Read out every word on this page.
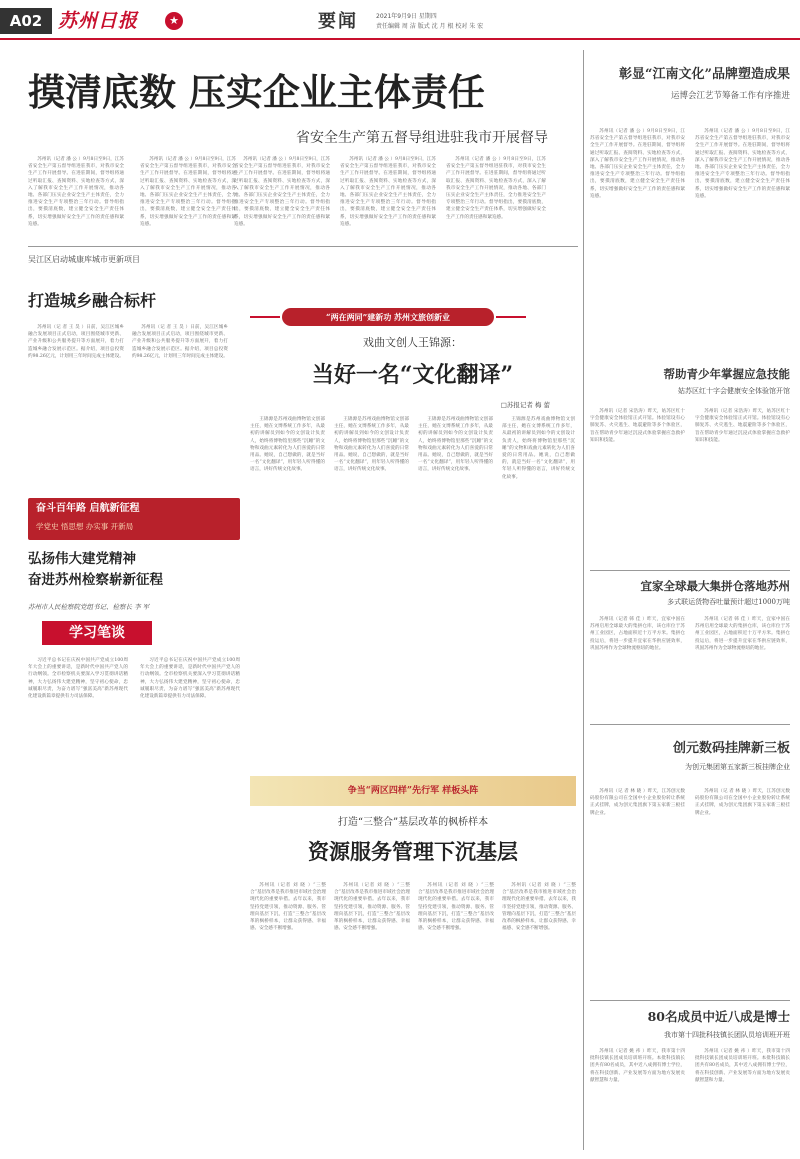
A02 苏州日报	★	要闻	2021年9月9日 星期四
责任编辑 周 洁 版式 沈 月 根 校对 朱 宏
摸清底数 压实企业主体责任
省安全生产第五督导组进驻我市开展督导
苏州讯（记者 潘 公 ）9月8日至9日，江苏省安全生产第五督导组进驻我市，对我市安全生产工作开展督导。在进驻期间，督导组将通过听取汇报、查阅资料、实地检查等方式，深入了解我市安全生产工作开展情况，推动各地、各部门压实企业安全生产主体责任，全力推进安全生产专项整治三年行动。督导组指出，要摸清底数，建立健全安全生产责任体系，切实增强做好安全生产工作的责任感和紧迫感。
苏州讯（记者 潘 公 ）9月8日至9日，江苏省安全生产第五督导组进驻我市，对我市安全生产工作开展督导。在进驻期间，督导组将通过听取汇报、查阅资料、实地检查等方式，深入了解我市安全生产工作开展情况，推动各地、各部门压实企业安全生产主体责任，全力推进安全生产专项整治三年行动。督导组指出，要摸清底数，建立健全安全生产责任体系，切实增强做好安全生产工作的责任感和紧迫感。
苏州讯（记者 潘 公 ）9月8日至9日，江苏省安全生产第五督导组进驻我市，对我市安全生产工作开展督导。在进驻期间，督导组将通过听取汇报、查阅资料、实地检查等方式，深入了解我市安全生产工作开展情况，推动各地、各部门压实企业安全生产主体责任，全力推进安全生产专项整治三年行动。督导组指出，要摸清底数，建立健全安全生产责任体系，切实增强做好安全生产工作的责任感和紧迫感。
苏州讯（记者 潘 公 ）9月8日至9日，江苏省安全生产第五督导组进驻我市，对我市安全生产工作开展督导。在进驻期间，督导组将通过听取汇报、查阅资料、实地检查等方式，深入了解我市安全生产工作开展情况，推动各地、各部门压实企业安全生产主体责任，全力推进安全生产专项整治三年行动。督导组指出，要摸清底数，建立健全安全生产责任体系，切实增强做好安全生产工作的责任感和紧迫感。
苏州讯（记者 潘 公 ）9月8日至9日，江苏省安全生产第五督导组进驻我市，对我市安全生产工作开展督导。在进驻期间，督导组将通过听取汇报、查阅资料、实地检查等方式，深入了解我市安全生产工作开展情况，推动各地、各部门压实企业安全生产主体责任，全力推进安全生产专项整治三年行动。督导组指出，要摸清底数，建立健全安全生产责任体系，切实增强做好安全生产工作的责任感和紧迫感。
彰显“江南文化”品牌塑造成果
运博会江艺节筹备工作有序推进
苏州讯（记者 潘 公 ）9月8日至9日，江苏省安全生产第五督导组进驻我市，对我市安全生产工作开展督导。在进驻期间，督导组将通过听取汇报、查阅资料、实地检查等方式，深入了解我市安全生产工作开展情况，推动各地、各部门压实企业安全生产主体责任，全力推进安全生产专项整治三年行动。督导组指出，要摸清底数，建立健全安全生产责任体系，切实增强做好安全生产工作的责任感和紧迫感。
苏州讯（记者 潘 公 ）9月8日至9日，江苏省安全生产第五督导组进驻我市，对我市安全生产工作开展督导。在进驻期间，督导组将通过听取汇报、查阅资料、实地检查等方式，深入了解我市安全生产工作开展情况，推动各地、各部门压实企业安全生产主体责任，全力推进安全生产专项整治三年行动。督导组指出，要摸清底数，建立健全安全生产责任体系，切实增强做好安全生产工作的责任感和紧迫感。
吴江区启动城康库城市更新项目
打造城乡融合标杆
苏州讯（记 者 王 昊 ）日前，吴江区城乡融合发展项目正式启动，项目围绕城市更新、产业升级和公共服务提升等方面展开，着力打造城乡融合发展示范区。据介绍，项目总投资约98.26亿元，计划用三年时间完成主体建设。
苏州讯（记 者 王 昊 ）日前，吴江区城乡融合发展项目正式启动，项目围绕城市更新、产业升级和公共服务提升等方面展开，着力打造城乡融合发展示范区。据介绍，项目总投资约98.26亿元，计划用三年时间完成主体建设。
奋斗百年路 启航新征程
学党史 悟思想 办实事 开新局
弘扬伟大建党精神
奋进苏州检察崭新征程
苏州市人民检察院党组书记、检察长 李 军
学习笔谈
习近平总书记在庆祝中国共产党成立100周年大会上的重要讲话，是新时代中国共产党人的行动纲领。全市检察机关要深入学习贯彻讲话精神，大力弘扬伟大建党精神，坚守初心使命，忠诚履职尽责，为奋力谱写“强富美高”新苏州现代化建设新篇章提供有力司法保障。
习近平总书记在庆祝中国共产党成立100周年大会上的重要讲话，是新时代中国共产党人的行动纲领。全市检察机关要深入学习贯彻讲话精神，大力弘扬伟大建党精神，坚守初心使命，忠诚履职尽责，为奋力谱写“强富美高”新苏州现代化建设新篇章提供有力司法保障。
“两在两同”建新功 苏州文旅创新业
戏曲文创人王锦源：
当好一名“文化翻译”
□苏报记者 梅 蕾
王锦源是苏州戏曲博物馆文创部主任，她在文博系统工作多年，从最初的讲解员到如今的文创设计负责人，始终将博物馆里那些“沉睡”的文物和戏曲元素转化为人们喜爱的日常用品。她说，自己想做的，就是当好一名“文化翻译”，用年轻人听得懂的语言，讲好传统文化故事。
王锦源是苏州戏曲博物馆文创部主任，她在文博系统工作多年，从最初的讲解员到如今的文创设计负责人，始终将博物馆里那些“沉睡”的文物和戏曲元素转化为人们喜爱的日常用品。她说，自己想做的，就是当好一名“文化翻译”，用年轻人听得懂的语言，讲好传统文化故事。
王锦源是苏州戏曲博物馆文创部主任，她在文博系统工作多年，从最初的讲解员到如今的文创设计负责人，始终将博物馆里那些“沉睡”的文物和戏曲元素转化为人们喜爱的日常用品。她说，自己想做的，就是当好一名“文化翻译”，用年轻人听得懂的语言，讲好传统文化故事。
王锦源是苏州戏曲博物馆文创部主任，她在文博系统工作多年，从最初的讲解员到如今的文创设计负责人，始终将博物馆里那些“沉睡”的文物和戏曲元素转化为人们喜爱的日常用品。她说，自己想做的，就是当好一名“文化翻译”，用年轻人听得懂的语言，讲好传统文化故事。
帮助青少年掌握应急技能
姑苏区红十字会健康安全体验馆开馆
苏州讯（记者 宋浩涛）昨天，姑苏区红十字会健康安全体验馆正式开馆。体验馆设有心肺复苏、火灾逃生、地震避险等多个体验区，旨在帮助青少年通过沉浸式体验掌握应急救护知识和技能。
苏州讯（记者 宋浩涛）昨天，姑苏区红十字会健康安全体验馆正式开馆。体验馆设有心肺复苏、火灾逃生、地震避险等多个体验区，旨在帮助青少年通过沉浸式体验掌握应急救护知识和技能。
宜家全球最大集拼仓落地苏州
多式联运货物吞吐量预计超过1000万吨
苏州讯（记者 韩 佳 ）昨天，宜家中国在苏州启用全球最大的集拼仓库，该仓库位于苏州工业园区，占地面积近十万平方米。集拼仓投运后，将进一步提升宜家在华供应链效率，巩固苏州作为全球物流枢纽的地位。
苏州讯（记者 韩 佳 ）昨天，宜家中国在苏州启用全球最大的集拼仓库，该仓库位于苏州工业园区，占地面积近十万平方米。集拼仓投运后，将进一步提升宜家在华供应链效率，巩固苏州作为全球物流枢纽的地位。
创元数码挂牌新三板
为创元集团第五家新三板挂牌企业
苏州讯（记 者 林 晓 ）昨天，江苏创元数码股份有限公司在全国中小企业股份转让系统正式挂牌，成为创元集团旗下第五家新三板挂牌企业。
苏州讯（记 者 林 晓 ）昨天，江苏创元数码股份有限公司在全国中小企业股份转让系统正式挂牌，成为创元集团旗下第五家新三板挂牌企业。
争当“两区四样”先行军 样板头阵
打造“三整合”基层改革的枫桥样本
资源服务管理下沉基层
苏州讯（记者 刘 晓 ）“三整合”基层改革是我市推进市域社会治理现代化的重要举措。去年以来，我市坚持党建引领，推动资源、服务、管理向基层下沉，打造“三整合”基层改革的枫桥样本，让群众获得感、幸福感、安全感不断增强。
苏州讯（记者 刘 晓 ）“三整合”基层改革是我市推进市域社会治理现代化的重要举措。去年以来，我市坚持党建引领，推动资源、服务、管理向基层下沉，打造“三整合”基层改革的枫桥样本，让群众获得感、幸福感、安全感不断增强。
苏州讯（记者 刘 晓 ）“三整合”基层改革是我市推进市域社会治理现代化的重要举措。去年以来，我市坚持党建引领，推动资源、服务、管理向基层下沉，打造“三整合”基层改革的枫桥样本，让群众获得感、幸福感、安全感不断增强。
苏州讯（记者 刘 晓 ）“三整合”基层改革是我市推进市域社会治理现代化的重要举措。去年以来，我市坚持党建引领，推动资源、服务、管理向基层下沉，打造“三整合”基层改革的枫桥样本，让群众获得感、幸福感、安全感不断增强。
80名成员中近八成是博士
我市第十四批科技镇长团队员培训班开班
苏州讯（记者 姚 祎 ）昨天，我市第十四批科技镇长团成员培训班开班。本批科技镇长团共有80名成员，其中近八成拥有博士学位，将在科技创新、产业发展等方面为地方发展贡献智慧和力量。
苏州讯（记者 姚 祎 ）昨天，我市第十四批科技镇长团成员培训班开班。本批科技镇长团共有80名成员，其中近八成拥有博士学位，将在科技创新、产业发展等方面为地方发展贡献智慧和力量。
